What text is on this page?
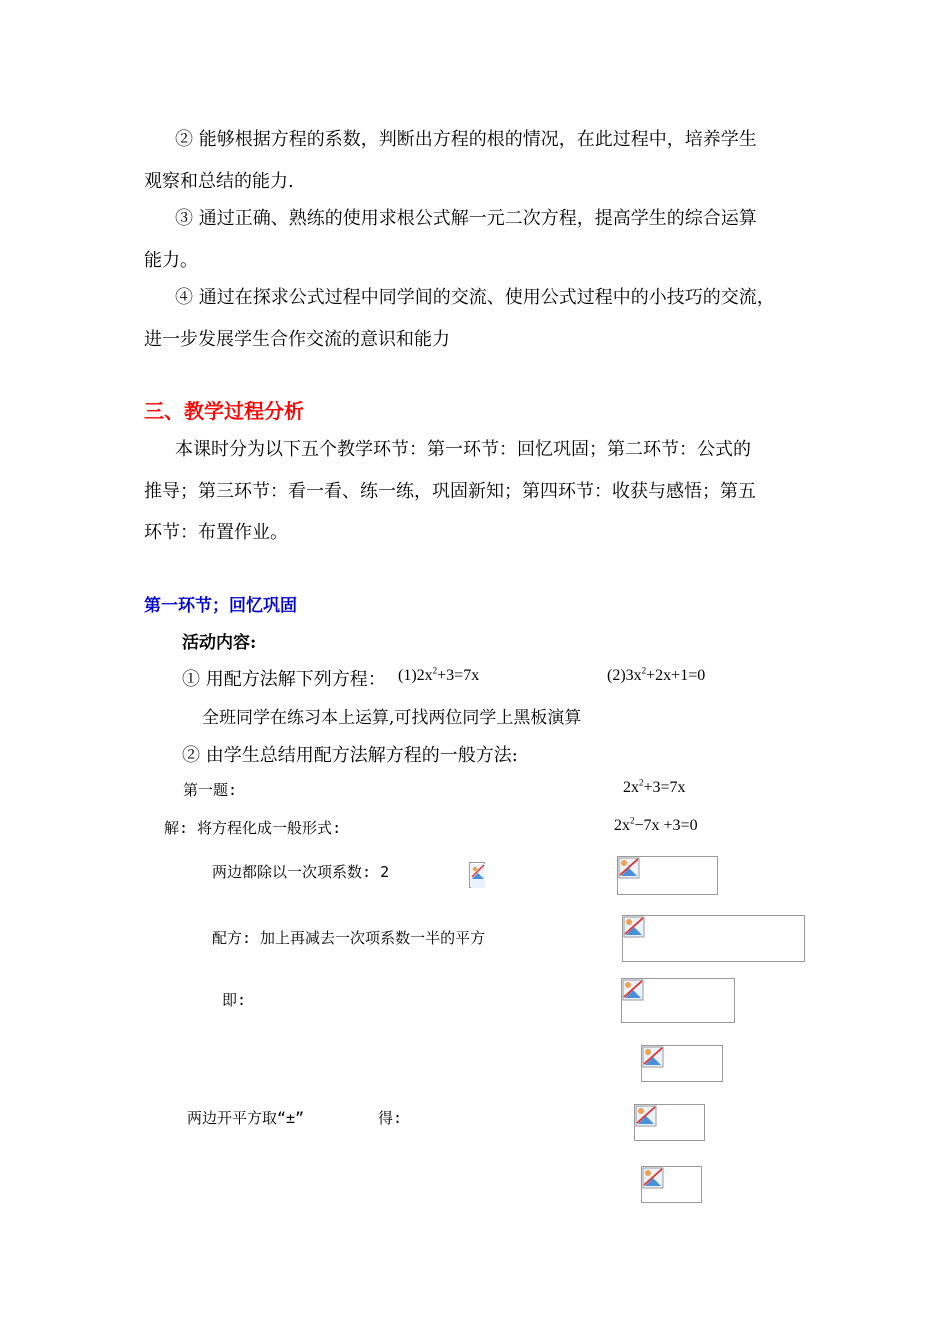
② 能够根据方程的系数，判断出方程的根的情况，在此过程中，培养学生
观察和总结的能力.
③ 通过正确、熟练的使用求根公式解一元二次方程，提高学生的综合运算
能力。
④ 通过在探求公式过程中同学间的交流、使用公式过程中的小技巧的交流，
进一步发展学生合作交流的意识和能力
三、教学过程分析
本课时分为以下五个教学环节：第一环节：回忆巩固；第二环节：公式的
推导；第三环节：看一看、练一练，巩固新知；第四环节：收获与感悟；第五
环节：布置作业。
第一环节；回忆巩固
活动内容:
① 用配方法解下列方程： $(1)2x^2+3=7x$	$(2)3x^2+2x+1=0$
全班同学在练习本上运算,可找两位同学上黑板演算
② 由学生总结用配方法解方程的一般方法:
第一题:	$2x^2+3=7x$
解: 将方程化成一般形式:	$2x^2-7x +3=0$
两边都除以一次项系数: 2
配方: 加上再减去一次项系数一半的平方
即:
两边开平方取“±”	得:
